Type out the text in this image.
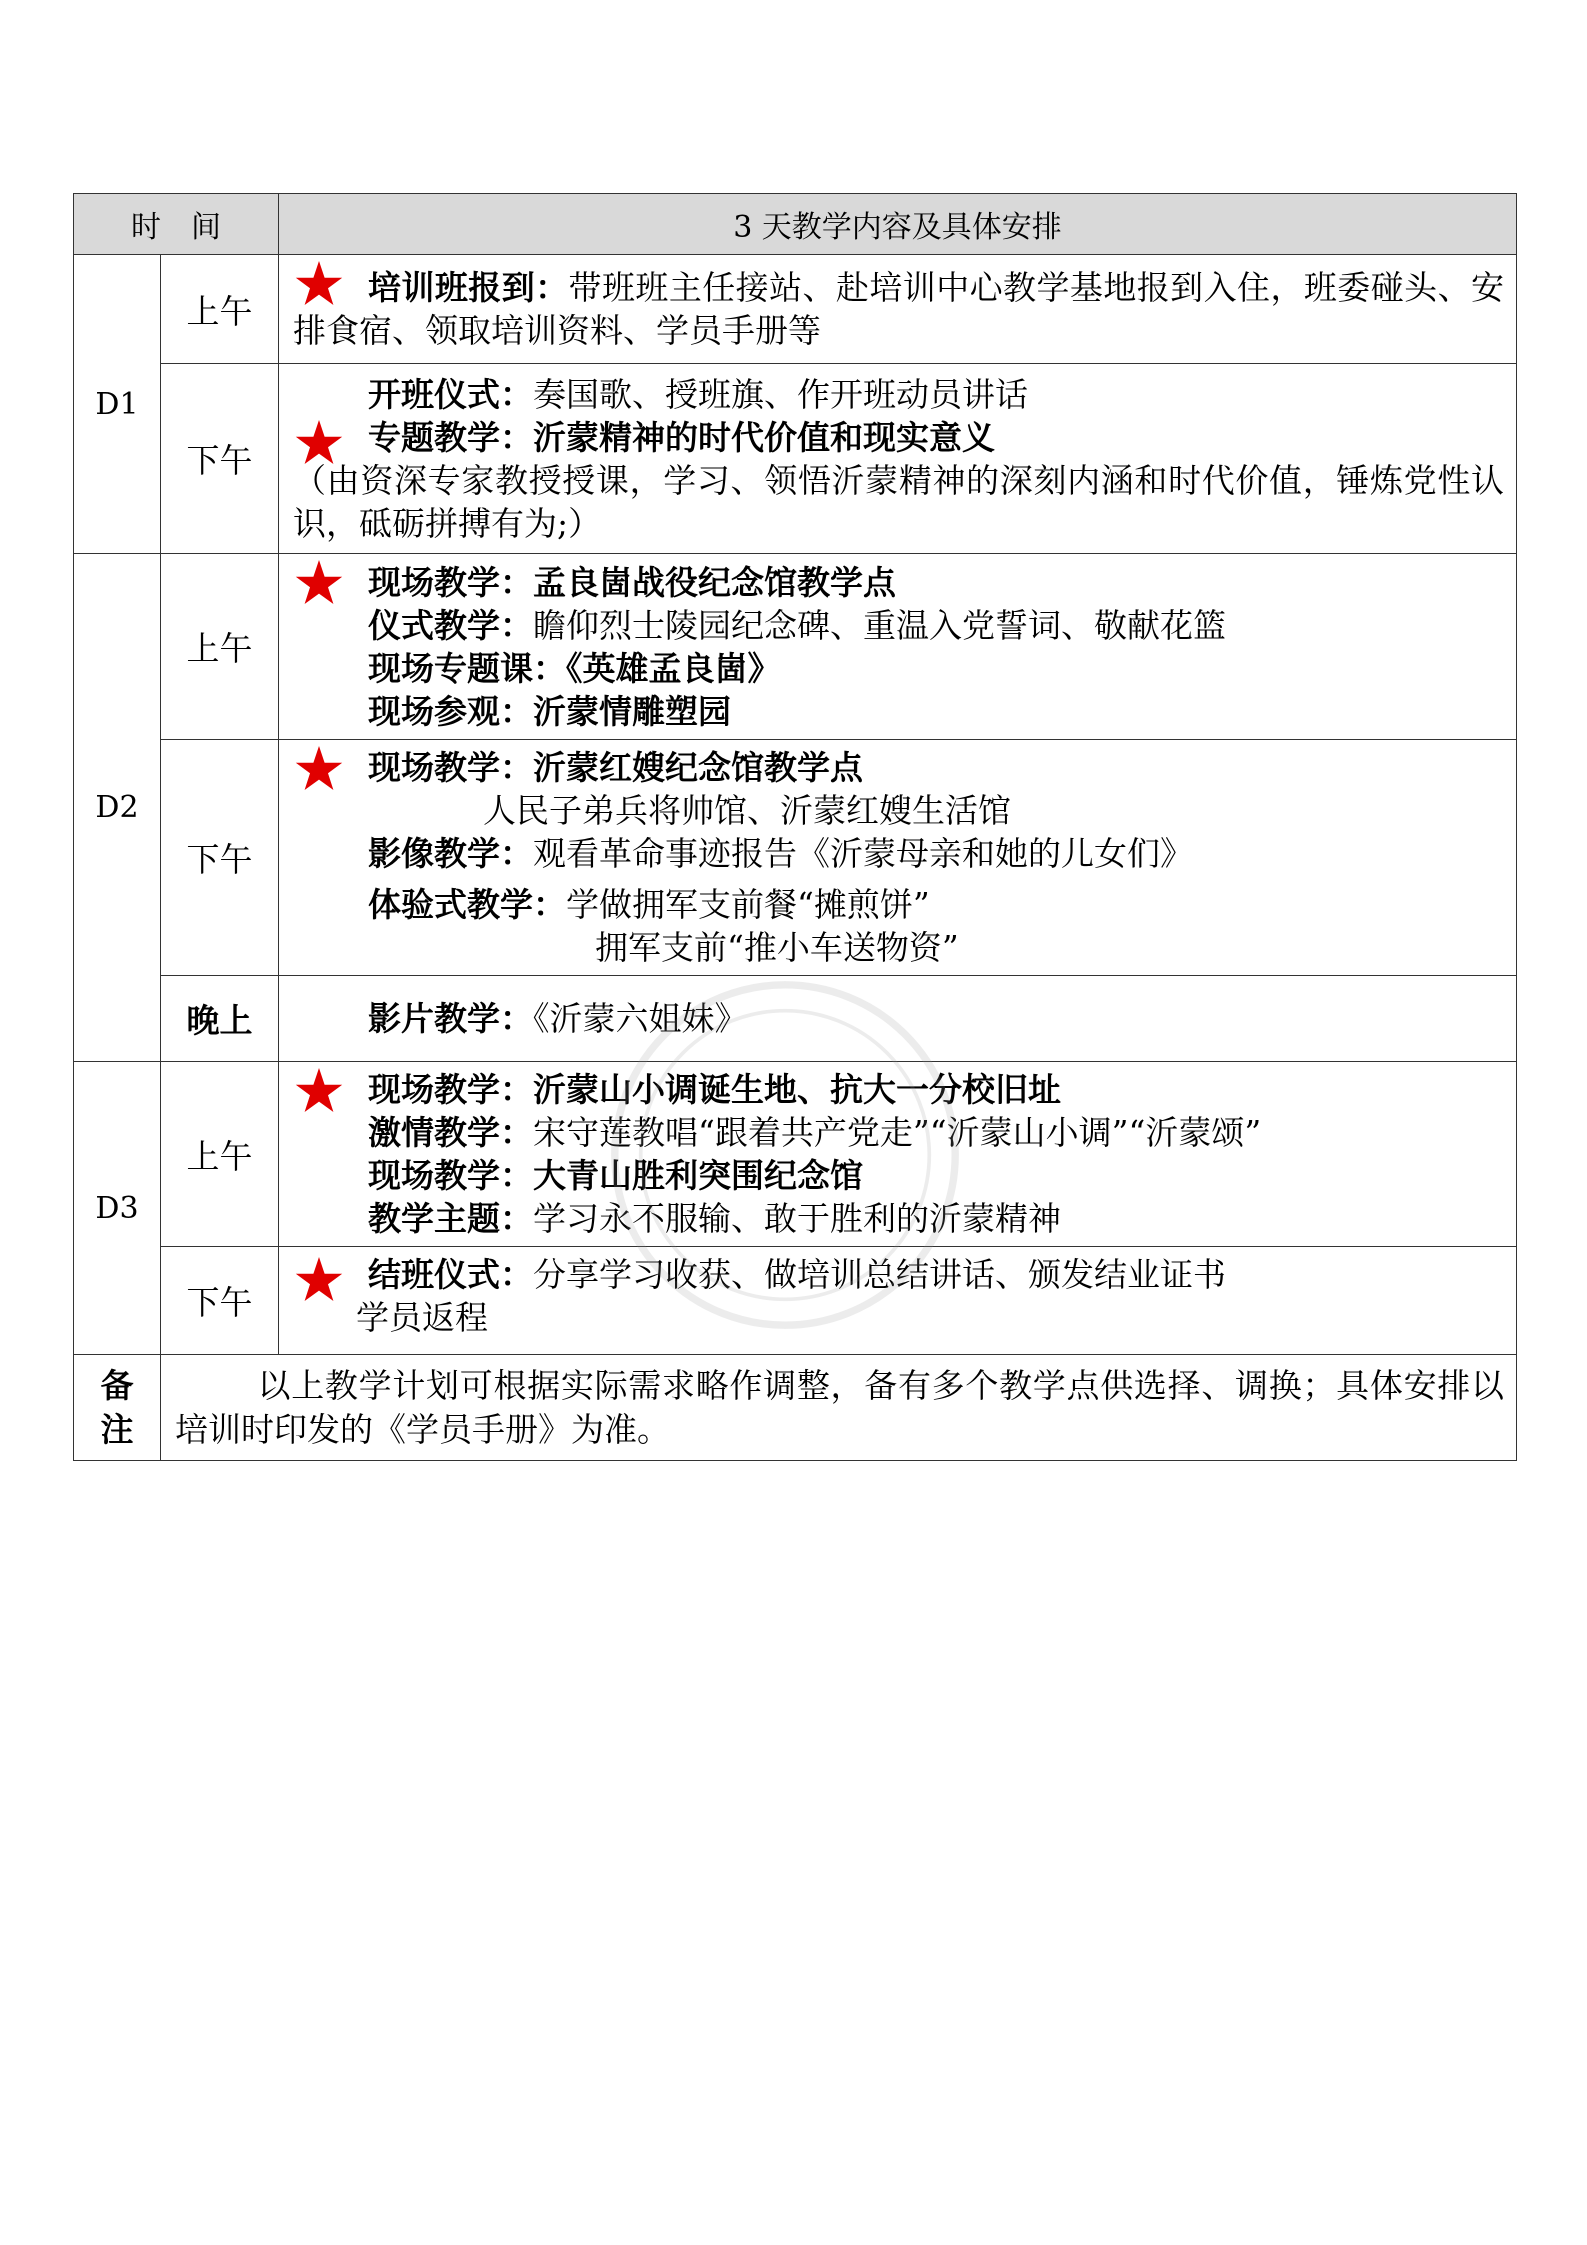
时　间		3 天教学内容及具体安排
D1	上午	培训班报到：带班班主任接站、赴培训中心教学基地报到入住，班委碰头、安排食宿、领取培训资料、学员手册等

	下午	开班仪式：奏国歌、授班旗、作开班动员讲话
专题教学：沂蒙精神的时代价值和现实意义
（由资深专家教授授课，学习、领悟沂蒙精神的深刻内涵和时代价值，锤炼党性认识，砥砺拼搏有为;）

D2	上午	现场教学：孟良崮战役纪念馆教学点
仪式教学：瞻仰烈士陵园纪念碑、重温入党誓词、敬献花篮
现场专题课：《英雄孟良崮》
现场参观：沂蒙情雕塑园

	下午	现场教学：沂蒙红嫂纪念馆教学点
人民子弟兵将帅馆、沂蒙红嫂生活馆
影像教学：观看革命事迹报告《沂蒙母亲和她的儿女们》
体验式教学：学做拥军支前餐“摊煎饼”
拥军支前“推小车送物资”

	晚上	影片教学：《沂蒙六姐妹》

D3	上午	现场教学：沂蒙山小调诞生地、抗大一分校旧址
激情教学：宋守莲教唱“跟着共产党走”“沂蒙山小调”“沂蒙颂”
现场教学：大青山胜利突围纪念馆
教学主题：学习永不服输、敢于胜利的沂蒙精神

	下午	结班仪式：分享学习收获、做培训总结讲话、颁发结业证书
学员返程

备
注	以上教学计划可根据实际需求略作调整，备有多个教学点供选择、调换；具体安排以培训时印发的《学员手册》为准。	
